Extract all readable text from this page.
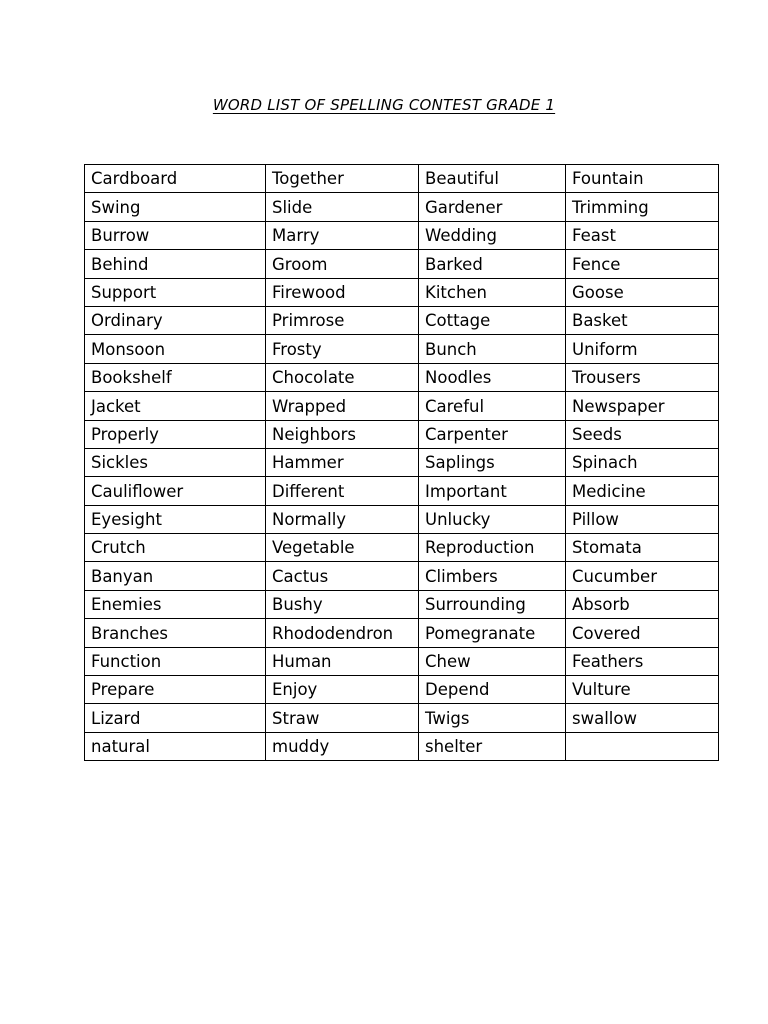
WORD LIST OF SPELLING CONTEST GRADE 1
Cardboard	Together	Beautiful	Fountain
Swing	Slide	Gardener	Trimming
Burrow	Marry	Wedding	Feast
Behind	Groom	Barked	Fence
Support	Firewood	Kitchen	Goose
Ordinary	Primrose	Cottage	Basket
Monsoon	Frosty	Bunch	Uniform
Bookshelf	Chocolate	Noodles	Trousers
Jacket	Wrapped	Careful	Newspaper
Properly	Neighbors	Carpenter	Seeds
Sickles	Hammer	Saplings	Spinach
Cauliflower	Different	Important	Medicine
Eyesight	Normally	Unlucky	Pillow
Crutch	Vegetable	Reproduction	Stomata
Banyan	Cactus	Climbers	Cucumber
Enemies	Bushy	Surrounding	Absorb
Branches	Rhododendron	Pomegranate	Covered
Function	Human	Chew	Feathers
Prepare	Enjoy	Depend	Vulture
Lizard	Straw	Twigs	swallow
natural	muddy	shelter	
